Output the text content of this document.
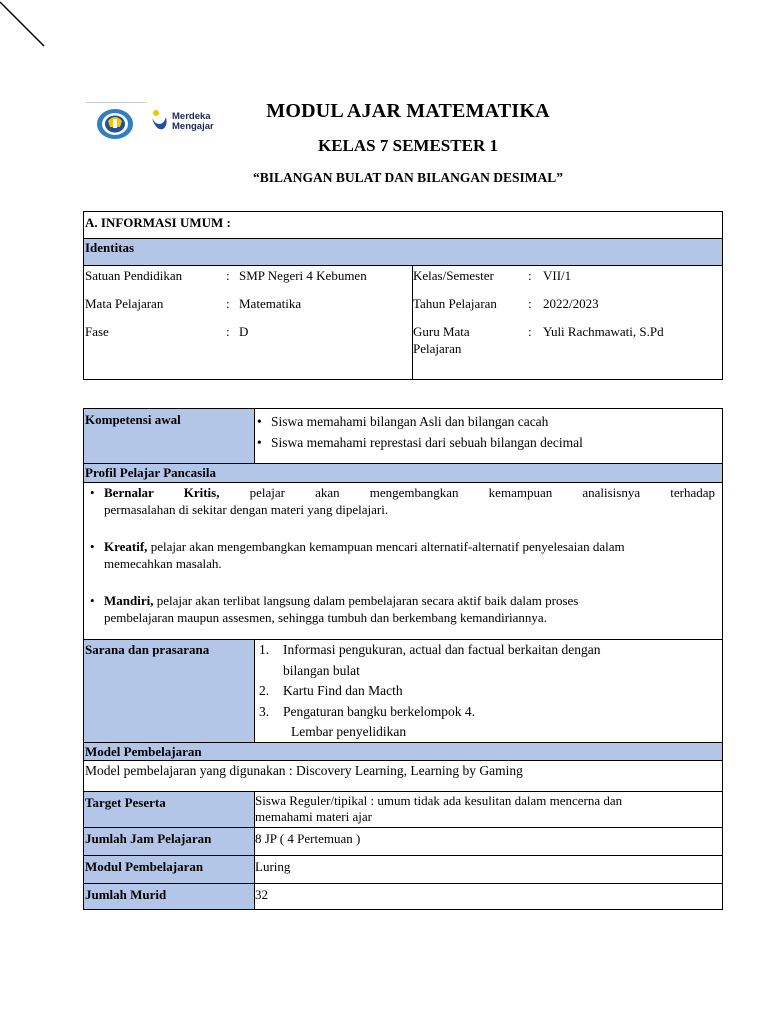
Merdeka
Mengajar
MODUL AJAR MATEMATIKA
KELAS 7 SEMESTER 1
“BILANGAN BULAT DAN BILANGAN DESIMAL”
A. INFORMASI UMUM :
Identitas
Satuan Pendidikan	: SMP Negeri 4 Kebumen
Mata Pelajaran	: Matematika
Fase	: D
Kelas/Semester	: VII/1
Tahun Pelajaran : 2022/2023
Guru Mata
Pelajaran
: Yuli Rachmawati, S.Pd
Kompetensi awal
•	Siswa memahami bilangan Asli dan bilangan cacah
• Siswa memahami represtasi dari sebuah bilangan decimal
Profil Pelajar Pancasila
• Bernalar Kritis, pelajar akan mengembangkan kemampuan analisisnya terhadap
permasalahan di sekitar dengan materi yang dipelajari.
• Kreatif, pelajar akan mengembangkan kemampuan mencari alternatif-alternatif penyelesaian dalam
memecahkan masalah.
• Mandiri, pelajar akan terlibat langsung dalam pembelajaran secara aktif baik dalam proses
pembelajaran maupun assesmen, sehingga tumbuh dan berkembang kemandiriannya.
Sarana dan prasarana	1. Informasi pengukuran, actual dan factual berkaitan dengan
bilangan bulat
2. Kartu Find dan Macth
3. Pengaturan bangku berkelompok 4.
Lembar penyelidikan
Model Pembelajaran
Model pembelajaran yang digunakan : Discovery Learning, Learning by Gaming
Target Peserta	Siswa Reguler/tipikal : umum tidak ada kesulitan dalam mencerna dan
memahami materi ajar
Jumlah Jam Pelajaran	8 JP ( 4 Pertemuan )
Modul Pembelajaran	Luring
Jumlah Murid	32
